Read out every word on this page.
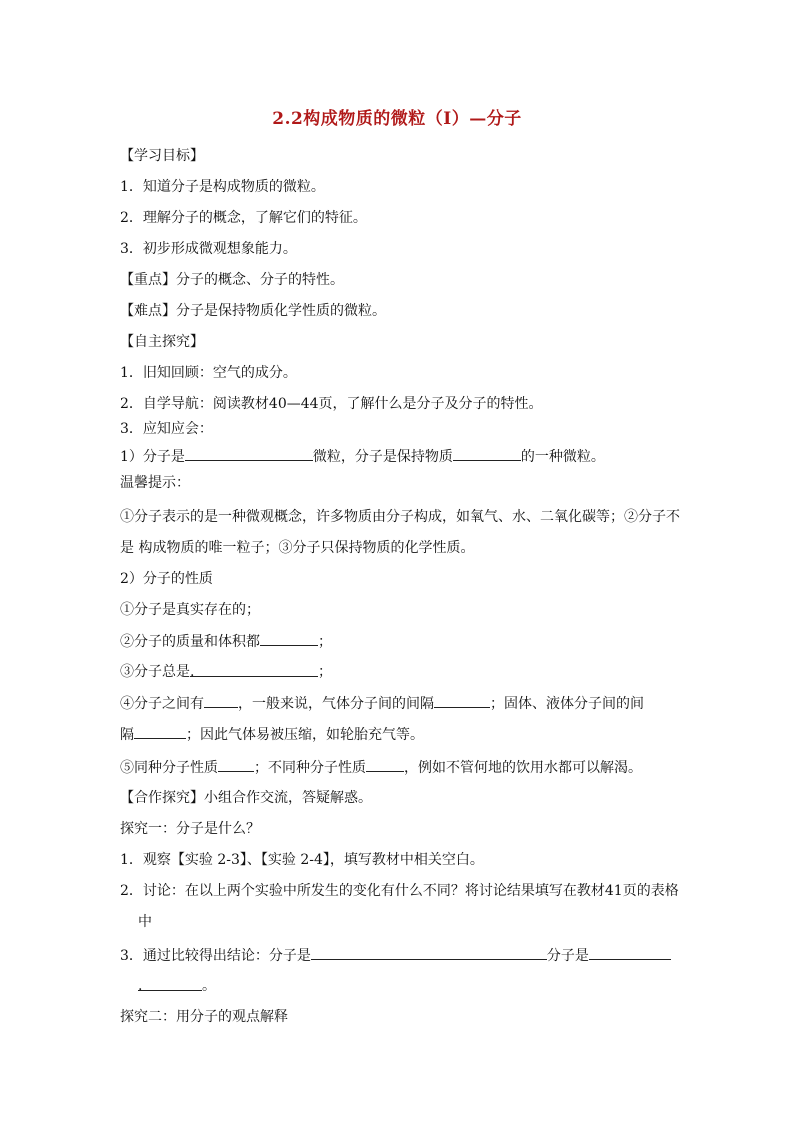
2.2构成物质的微粒（Ⅰ）—分子
【学习目标】
1．知道分子是构成物质的微粒。
2．理解分子的概念，了解它们的特征。
3．初步形成微观想象能力。
【重点】分子的概念、分子的特性。
【难点】分子是保持物质化学性质的微粒。
【自主探究】
1．旧知回顾：空气的成分。
2．自学导航：阅读教材40—44页，了解什么是分子及分子的特性。
3．应知应会：
1）分子是	微粒，分子是保持物质	的一种微粒。
温馨提示：
①分子表示的是一种微观概念，许多物质由分子构成，如氧气、水、二氧化碳等；②分子不
是 构成物质的唯一粒子；③分子只保持物质的化学性质。
2）分子的性质
①分子是真实存在的；
②分子的质量和体积都	；
③分子总是.	；
④分子之间有 ，一般来说，气体分子间的间隔	；固体、液体分子间的间
隔	；因此气体易被压缩，如轮胎充气等。
⑤同种分子性质	；不同种分子性质	，例如不管何地的饮用水都可以解渴。
【合作探究】小组合作交流，答疑解惑。
探究一：分子是什么？
1．观察【实验 2-3】、【实验 2-4】，填写教材中相关空白。
2．讨论：在以上两个实验中所发生的变化有什么不同？将讨论结果填写在教材41页的表格
中
3．通过比较得出结论：分子是	分子是
.	。
探究二：用分子的观点解释
